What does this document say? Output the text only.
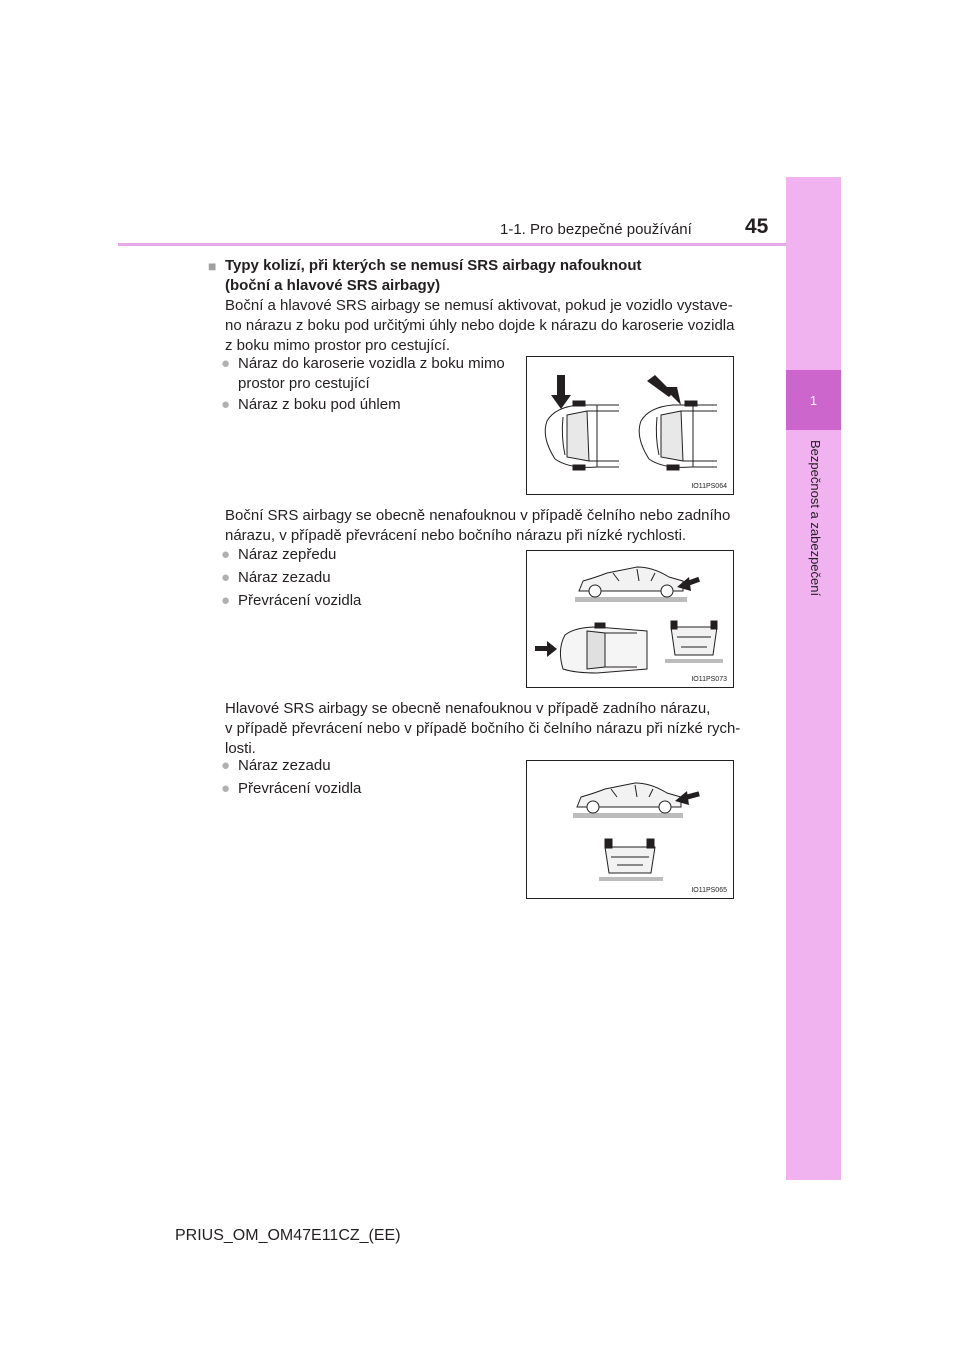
1-1. Pro bezpečné používání	45
1
Bezpečnost a zabezpečení
■ Typy kolizí, při kterých se nemusí SRS airbagy nafouknout
(boční a hlavové SRS airbagy)
Boční a hlavové SRS airbagy se nemusí aktivovat, pokud je vozidlo vystave-
no nárazu z boku pod určitými úhly nebo dojde k nárazu do karoserie vozidla
z boku mimo prostor pro cestující.
● Náraz do karoserie vozidla z boku mimo prostor pro cestující
● Náraz z boku pod úhlem
IO11PS064
Boční SRS airbagy se obecně nenafouknou v případě čelního nebo zadního
nárazu, v případě převrácení nebo bočního nárazu při nízké rychlosti.
● Náraz zepředu
● Náraz zezadu
● Převrácení vozidla
IO11PS073
Hlavové SRS airbagy se obecně nenafouknou v případě zadního nárazu,
v případě převrácení nebo v případě bočního či čelního nárazu při nízké rych-
losti.
● Náraz zezadu
● Převrácení vozidla
IO11PS065
PRIUS_OM_OM47E11CZ_(EE)
